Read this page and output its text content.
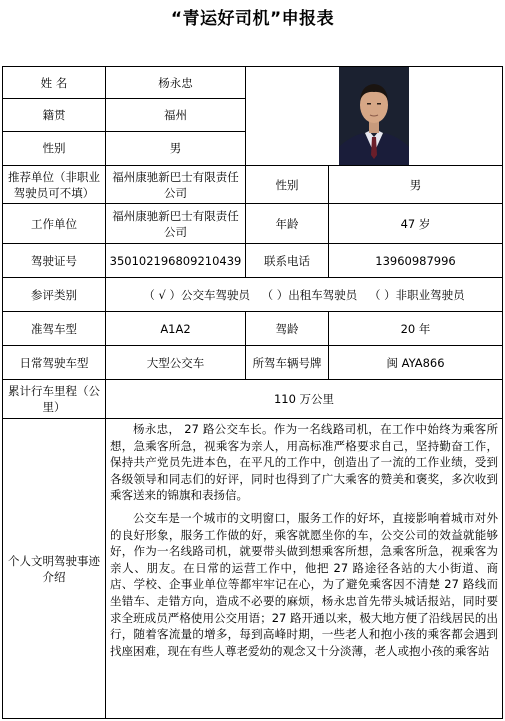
“青运好司机”申报表
姓 名	杨永忠	

籍贯	福州		
性别	男		
推荐单位（非职业驾驶员可不填）	福州康驰新巴士有限责任公司	性别	男
工作单位	福州康驰新巴士有限责任公司	年龄	47 岁
驾驶证号	350102196809210439	联系电话	13960987996
参评类别	（ √ ）公交车驾驶员 （ ）出租车驾驶员 （ ）非职业驾驶员		
准驾车型	A1A2	驾龄	20 年
日常驾驶车型	大型公交车	所驾车辆号牌	闽 AYA866
累计行车里程（公里）	110 万公里		
个人文明驾驶事迹介绍	杨永忠， 27 路公交车长。作为一名线路司机，在工作中始终为乘客所想，急乘客所急，视乘客为亲人，用高标准严格要求自己，坚持勤奋工作，保持共产党员先进本色，在平凡的工作中，创造出了一流的工作业绩，受到各级领导和同志们的好评，同时也得到了广大乘客的赞美和褒奖，多次收到乘客送来的锦旗和表扬信。

公交车是一个城市的文明窗口，服务工作的好坏，直接影响着城市对外的良好形象，服务工作做的好，乘客就愿坐你的车，公交公司的效益就能够好，作为一名线路司机，就要带头做到想乘客所想，急乘客所急，视乘客为亲人、朋友。在日常的运营工作中，他把 27 路途径各站的大小街道、商店、学校、企事业单位等都牢牢记在心，为了避免乘客因不清楚 27 路线而坐错车、走错方向，造成不必要的麻烦，杨永忠首先带头城话报站，同时要求全班成员严格使用公交用语；27 路开通以来，极大地方便了沿线居民的出行，随着客流量的增多，每到高峰时期，一些老人和抱小孩的乘客都会遇到找座困难，现在有些人尊老爱幼的观念又十分淡薄，老人或抱小孩的乘客站		
